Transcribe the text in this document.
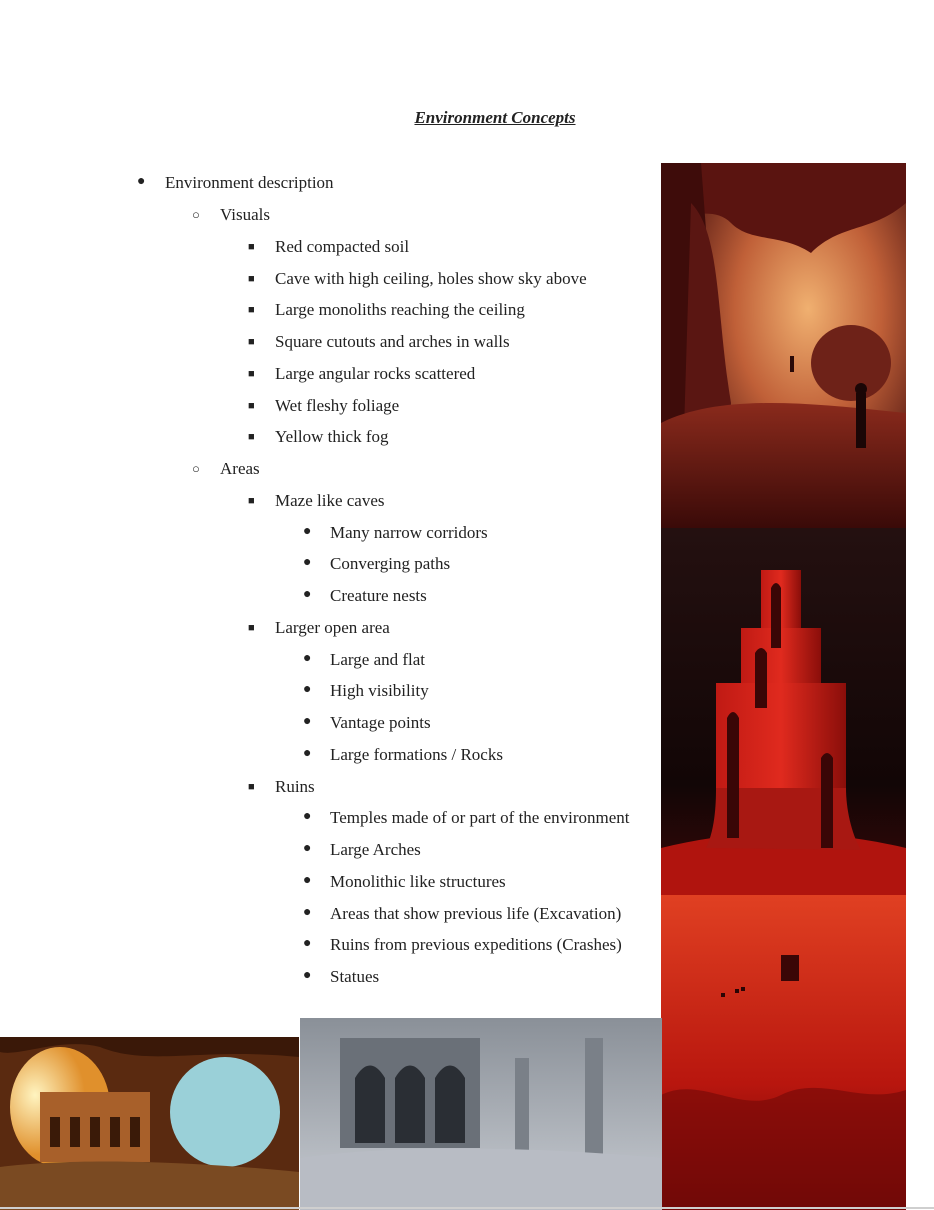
Environment Concepts
● Environment description
○ Visuals
■ Red compacted soil
■ Cave with high ceiling, holes show sky above
■ Large monoliths reaching the ceiling
■ Square cutouts and arches in walls
■ Large angular rocks scattered
■ Wet fleshy foliage
■ Yellow thick fog
○ Areas
■ Maze like caves
● Many narrow corridors
● Converging paths
● Creature nests
■ Larger open area
● Large and flat
● High visibility
● Vantage points
● Large formations / Rocks
■ Ruins
● Temples made of or part of the environment
● Large Arches
● Monolithic like structures
● Areas that show previous life (Excavation)
● Ruins from previous expeditions (Crashes)
● Statues
